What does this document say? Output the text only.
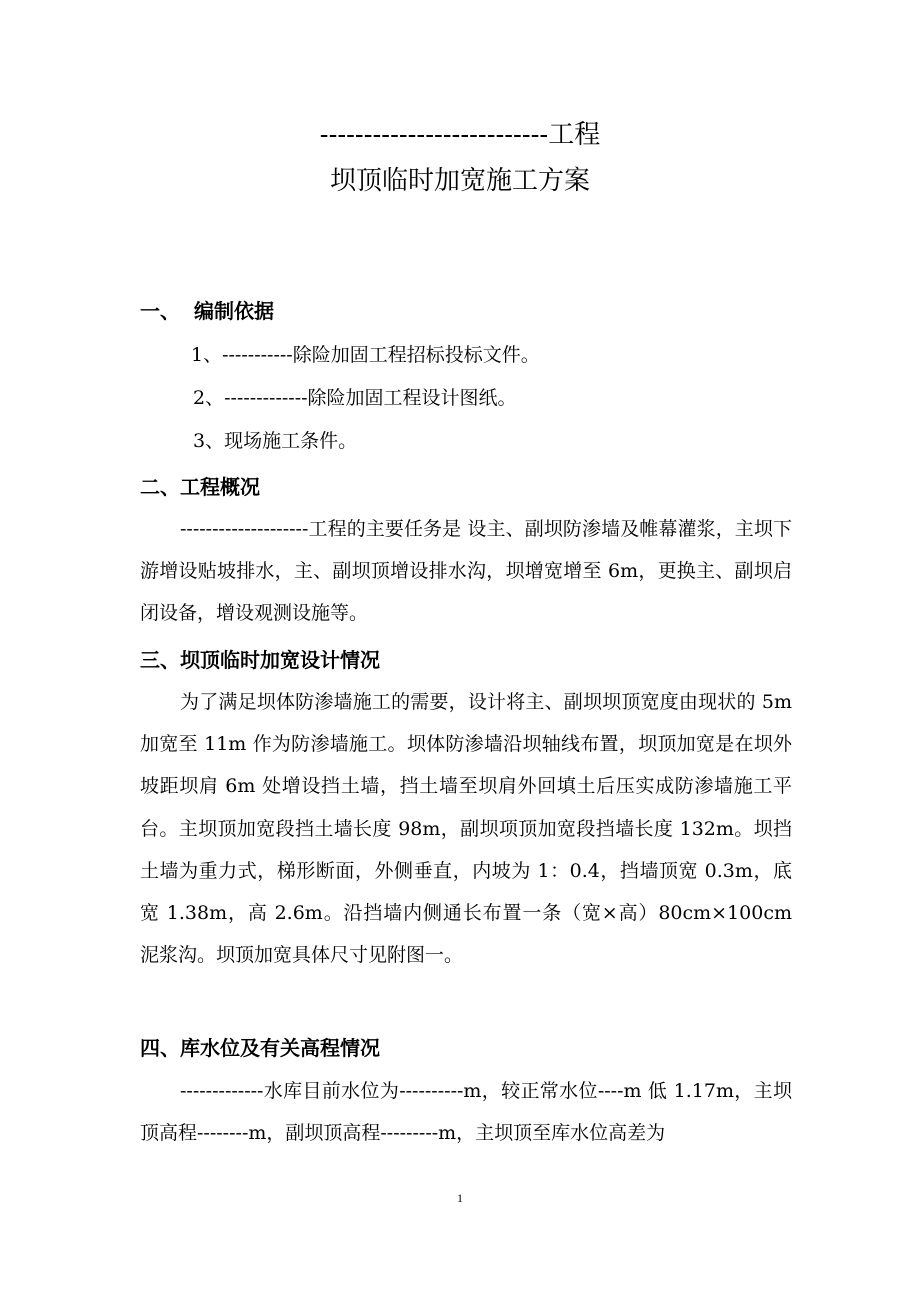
--------------------------工程
坝顶临时加宽施工方案
一、 编制依据
1、-----------除险加固工程招标投标文件。
2、-------------除险加固工程设计图纸。
3、现场施工条件。
二、工程概况
--------------------工程的主要任务是 设主、副坝防渗墙及帷幕灌浆，主坝下游增设贴坡排水，主、副坝顶增设排水沟，坝增宽增至 6m，更换主、副坝启闭设备，增设观测设施等。
三、坝顶临时加宽设计情况
为了满足坝体防渗墙施工的需要，设计将主、副坝坝顶宽度由现状的 5m 加宽至 11m 作为防渗墙施工。坝体防渗墙沿坝轴线布置，坝顶加宽是在坝外坡距坝肩 6m 处增设挡土墙，挡土墙至坝肩外回填土后压实成防渗墙施工平台。主坝顶加宽段挡土墙长度 98m，副坝项顶加宽段挡墙长度 132m。坝挡土墙为重力式，梯形断面，外侧垂直，内坡为 1：0.4，挡墙顶宽 0.3m，底宽 1.38m，高 2.6m。沿挡墙内侧通长布置一条（宽×高）80cm×100cm 泥浆沟。坝顶加宽具体尺寸见附图一。
四、库水位及有关高程情况
-------------水库目前水位为----------m，较正常水位----m 低 1.17m，主坝顶高程--------m，副坝顶高程---------m，主坝顶至库水位高差为
1
